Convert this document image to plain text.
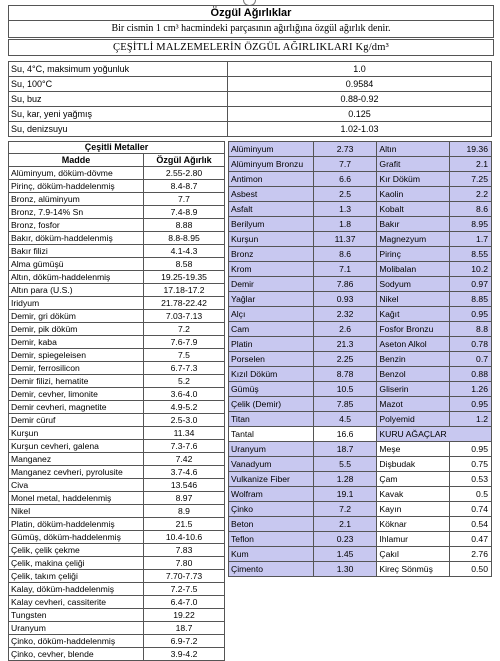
Özgül Ağırlıklar
Bir cismin 1 cm³ hacmindeki parçasının ağırlığına özgül ağırlık denir.
ÇEŞİTLİ MALZEMELERİN ÖZGÜL AĞIRLIKLARI Kg/dm³
Su, 4°C, maksimum yoğunluk	1.0
Su, 100°C	0.9584
Su, buz	0.88-0.92
Su, kar, yeni yağmış	0.125
Su, denizsuyu	1.02-1.03
Çeşitli Metaller	
Madde	Özgül Ağırlık
Alüminyum, döküm-dövme	2.55-2.80
Pirinç, döküm-haddelenmiş	8.4-8.7
Bronz, alüminyum	7.7
Bronz, 7.9-14% Sn	7.4-8.9
Bronz, fosfor	8.88
Bakır, döküm-haddelenmiş	8.8-8.95
Bakır filizi	4.1-4.3
Alma gümüşü	8.58
Altın, döküm-haddelenmiş	19.25-19.35
Altın para (U.S.)	17.18-17.2
Iridyum	21.78-22.42
Demir, gri döküm	7.03-7.13
Demir, pik döküm	7.2
Demir, kaba	7.6-7.9
Demir, spiegeleisen	7.5
Demir, ferrosilicon	6.7-7.3
Demir filizi, hematite	5.2
Demir, cevher, limonite	3.6-4.0
Demir cevheri, magnetite	4.9-5.2
Demir cüruf	2.5-3.0
Kurşun	11.34
Kurşun cevheri, galena	7.3-7.6
Manganez	7.42
Manganez cevheri, pyrolusite	3.7-4.6
Civa	13.546
Monel metal, haddelenmiş	8.97
Nikel	8.9
Platin, döküm-haddelenmiş	21.5
Gümüş, döküm-haddelenmiş	10.4-10.6
Çelik, çelik çekme	7.83
Çelik, makina çeliği	7.80
Çelik, takım çeliği	7.70-7.73
Kalay, döküm-haddelenmiş	7.2-7.5
Kalay cevheri, cassiterite	6.4-7.0
Tungsten	19.22
Uranyum	18.7
Çinko, döküm-haddelenmiş	6.9-7.2
Çinko, cevher, blende	3.9-4.2
Alüminyum	2.73	Altın	19.36
Alüminyum Bronzu	7.7	Grafit	2.1
Antimon	6.6	Kır Döküm	7.25
Asbest	2.5	Kaolin	2.2
Asfalt	1.3	Kobalt	8.6
Berilyum	1.8	Bakır	8.95
Kurşun	11.37	Magnezyum	1.7
Bronz	8.6	Pirinç	8.55
Krom	7.1	Molibalan	10.2
Demir	7.86	Sodyum	0.97
Yağlar	0.93	Nikel	8.85
Alçı	2.32	Kağıt	0.95
Cam	2.6	Fosfor Bronzu	8.8
Platin	21.3	Aseton Alkol	0.78
Porselen	2.25	Benzin	0.7
Kızıl Döküm	8.78	Benzol	0.88
Gümüş	10.5	Gliserin	1.26
Çelik (Demir)	7.85	Mazot	0.95
Titan	4.5	Polyemid	1.2
Tantal	16.6	KURU AĞAÇLAR	
Uranyum	18.7	Meşe	0.95
Vanadyum	5.5	Dişbudak	0.75
Vulkanize Fiber	1.28	Çam	0.53
Wolfram	19.1	Kavak	0.5
Çinko	7.2	Kayın	0.74
Beton	2.1	Köknar	0.54
Teflon	0.23	Ihlamur	0.47
Kum	1.45	Çakıl	2.76
Çimento	1.30	Kireç Sönmüş	0.50
